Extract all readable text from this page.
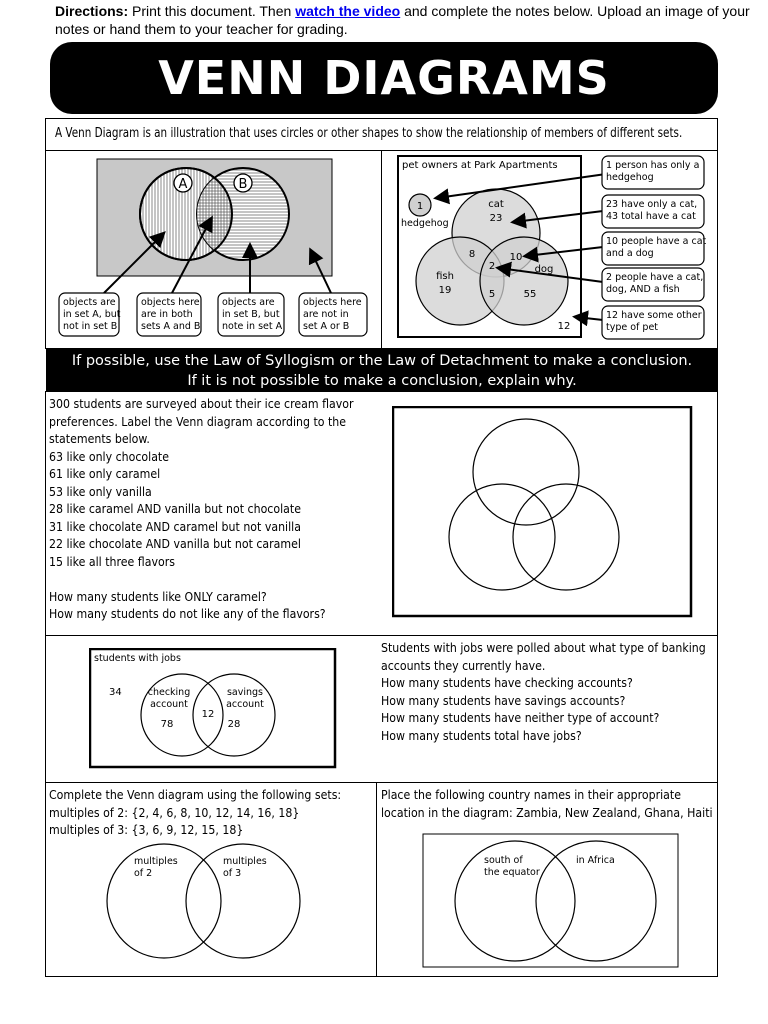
Directions: Print this document. Then watch the video and complete the notes below. Upload an image of your notes or hand them to your teacher for grading.
VENN DIAGRAMS
A Venn Diagram is an illustration that uses circles or other shapes to show the relationship of members of different sets.
A	B
objects are
in set A, but
not in set B
objects here
are in both
sets A and B
objects are
in set B, but
note in set A
objects here
are not in
set A or B
pet owners at Park Apartments
1
hedgehog
cat
23
fish
19
dog
55
8	10
2
5
12
1 person has only a
hedgehog
23 have only a cat,
43 total have a cat
10 people have a cat
and a dog
2 people have a cat,
dog, AND a fish
12 have some other
type of pet
If possible, use the Law of Syllogism or the Law of Detachment to make a conclusion.
If it is not possible to make a conclusion, explain why.
300 students are surveyed about their ice cream flavor
preferences. Label the Venn diagram according to the
statements below.
63 like only chocolate
61 like only caramel
53 like only vanilla
28 like caramel AND vanilla but not chocolate
31 like chocolate AND caramel but not vanilla
22 like chocolate AND vanilla but not caramel
15 like all three flavors
How many students like ONLY caramel?
How many students do not like any of the flavors?
students with jobs
34	checking
account
savings
account
78
12
28
Students with jobs were polled about what type of banking
accounts they currently have.
How many students have checking accounts?
How many students have savings accounts?
How many students have neither type of account?
How many students total have jobs?
Complete the Venn diagram using the following sets:
multiples of 2: {2, 4, 6, 8, 10, 12, 14, 16, 18}
multiples of 3: {3, 6, 9, 12, 15, 18}
multiples
of 2
multiples
of 3
Place the following country names in their appropriate
location in the diagram: Zambia, New Zealand, Ghana, Haiti
south of
the equator
in Africa
